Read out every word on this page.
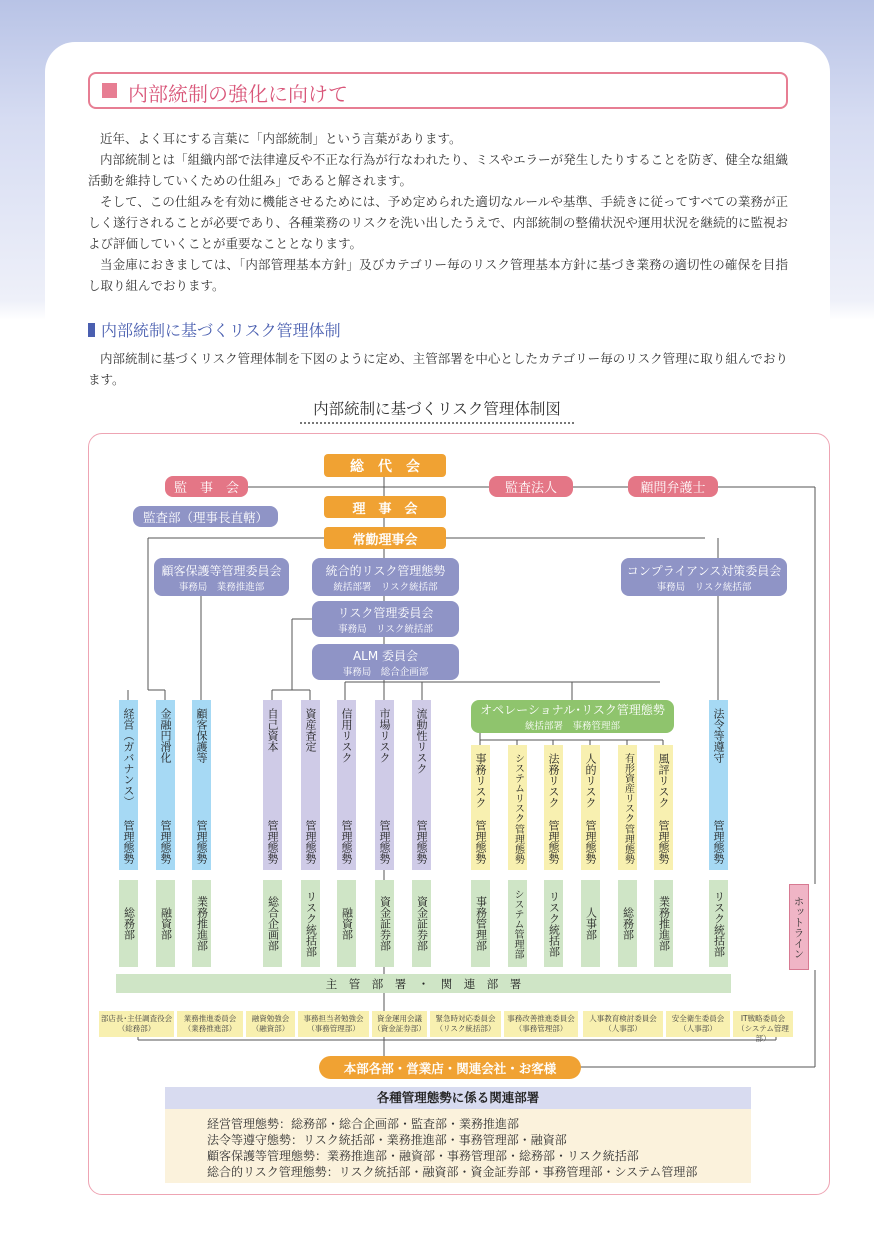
内部統制の強化に向けて
近年、よく耳にする言葉に「内部統制」という言葉があります。
内部統制とは「組織内部で法律違反や不正な行為が行なわれたり、ミスやエラーが発生したりすることを防ぎ、健全な組織活動を維持していくための仕組み」であると解されます。
そして、この仕組みを有効に機能させるためには、予め定められた適切なルールや基準、手続きに従ってすべての業務が正しく遂行されることが必要であり、各種業務のリスクを洗い出したうえで、内部統制の整備状況や運用状況を継続的に監視および評価していくことが重要なこととなります。
当金庫におきましては、「内部管理基本方針」及びカテゴリー毎のリスク管理基本方針に基づき業務の適切性の確保を目指し取り組んでおります。
内部統制に基づくリスク管理体制
内部統制に基づくリスク管理体制を下図のように定め、主管部署を中心としたカテゴリー毎のリスク管理に取り組んでおります。
内部統制に基づくリスク管理体制図
総　代　会
監　事　会	監査法人	顧問弁護士
理　事　会
監査部（理事長直轄）
常勤理事会
顧客保護等管理委員会
事務局　業務推進部
統合的リスク管理態勢
統括部署　リスク統括部
コンプライアンス対策委員会
事務局　リスク統括部
リスク管理委員会
事務局　リスク統括部
ALM 委員会
事務局　総合企画部
オペレーショナル･リスク管理態勢
統括部署　事務管理部
経営（ガバナンス）
管理態勢
金融円滑化
管理態勢
顧客保護等
管理態勢
自己資本
管理態勢
資産査定
管理態勢
信用リスク
管理態勢
市場リスク
管理態勢
流動性リスク
管理態勢
事務リスク
管理態勢
システムリスク
管理態勢
法務リスク
管理態勢
人的リスク
管理態勢
有形資産リスク
管理態勢
風評リスク
管理態勢
法令等遵守
管理態勢
総務部	融資部	業務推進部	総合企画部	リスク統括部	融資部	資金証券部	資金証券部	事務管理部	システム管理部	リスク統括部	人事部	総務部	業務推進部	リスク統括部	ホットライン
主　管　部　署　・　関　連　部　署
部店長･主任調査役会
（総務部）
業務推進委員会
（業務推進部）
融資勉強会
（融資部）
事務担当者勉強会
（事務管理部）
資金運用会議
（資金証券部）
緊急時対応委員会
（リスク統括部）
事務改善推進委員会
（事務管理部）
人事教育検討委員会
（人事部）
安全衛生委員会
（人事部）
IT戦略委員会
（システム管理部）
本部各部・営業店・関連会社・お客様
各種管理態勢に係る関連部署
経営管理態勢：総務部・総合企画部・監査部・業務推進部
法令等遵守態勢：リスク統括部・業務推進部・事務管理部・融資部
顧客保護等管理態勢：業務推進部・融資部・事務管理部・総務部・リスク統括部
総合的リスク管理態勢：リスク統括部・融資部・資金証券部・事務管理部・システム管理部
